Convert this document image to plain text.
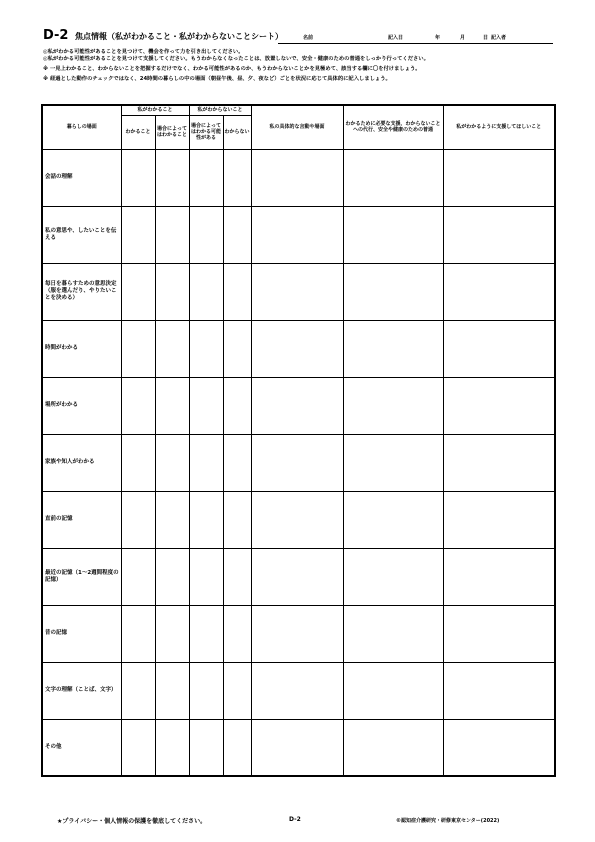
D-2 焦点情報（私がわかること・私がわからないことシート）	名前	記入日	年	月	日 記入者
◎私がわかる可能性があることを見つけて、機会を作って力を引き出してください。
◎私がわかる可能性があることを見つけて支援してください。もうわからなくなったことは、放置しないで、安全・健康のための普通をしっかり行ってください。
※ 一見上わかること、わからないことを把握するだけでなく、わかる可能性があるのか、もうわからないことかを見極めて、該当する欄に〇を付けましょう。
※ 経過とした動作のチェックではなく、24時間の暮らしの中の場面（朝昼午後、昼、夕、夜など）ごとを状況に応じて具体的に記入しましょう。
暮らしの場面	私がわかること		私がわからないこと		私の具体的な言動や場面	わかるために必要な支援、わからないことへの代行、安全や健康のための普通	私がわかるように支援してほしいこと
	わかること	場合によってはわかること	場合によってはわかる可能性がある	わからない			
会話の理解							
私の意思や、したいことを伝える							
毎日を暮らすための意思決定（服を選んだり、やりたいことを決める）							
時間がわかる							
場所がわかる							
家族や知人がわかる							
直前の記憶							
最近の記憶（1〜2週間程度の記憶）							
昔の記憶							
文字の理解（ことば、文字）							
その他							
★プライバシー・個人情報の保護を徹底してください。	D-2	©認知症介護研究・研修東京センター(2022)
